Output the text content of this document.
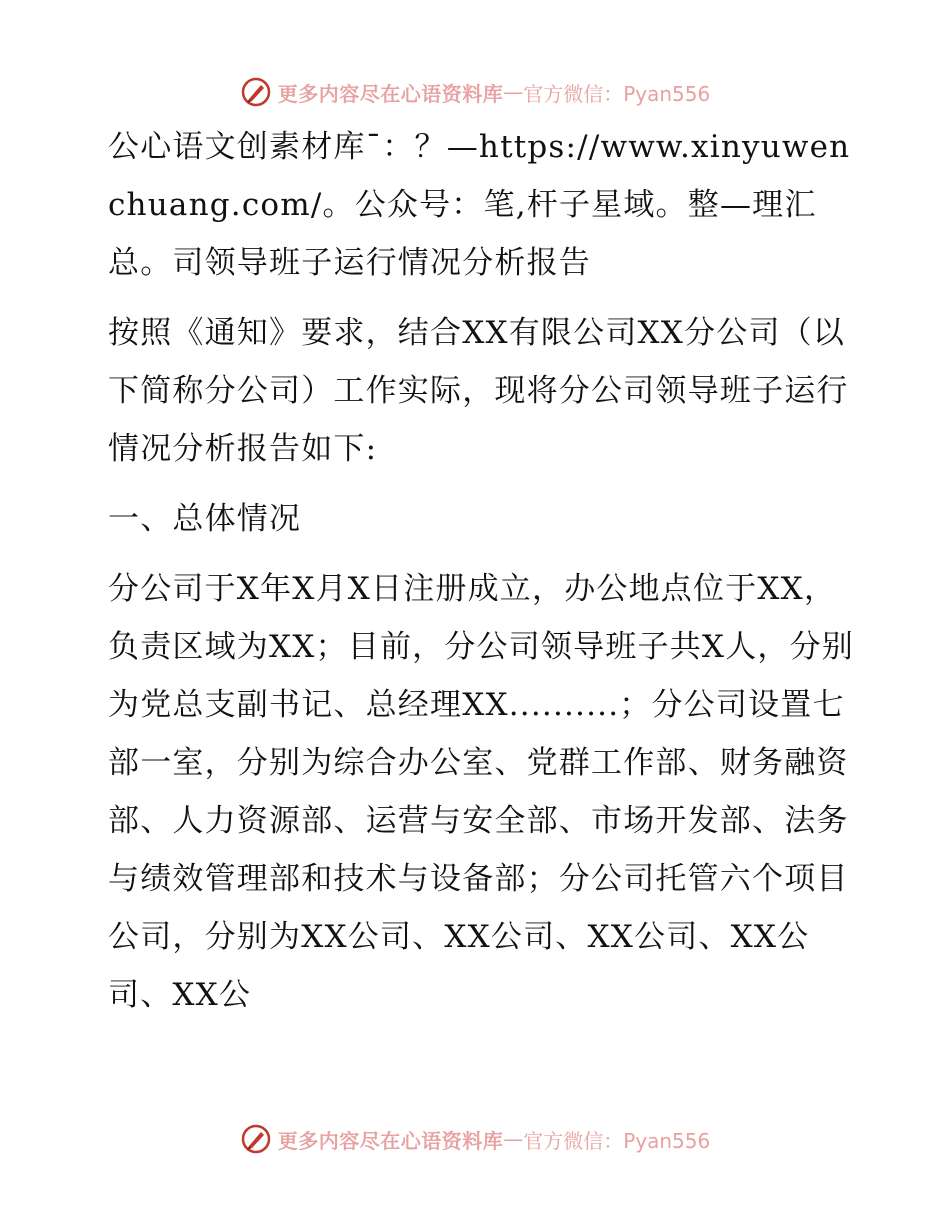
更多内容尽在心语资料库 — 官方微信：Pyan556

公心语文创素材库¯：？—https://www.xinyuwenchuang.com/。公众号：笔,杆子星域。整—理汇总。司领导班子运行情况分析报告

按照《通知》要求，结合XX有限公司XX分公司（以下简称分公司）工作实际，现将分公司领导班子运行情况分析报告如下:

一、总体情况

分公司于X年X月X日注册成立，办公地点位于XX，负责区域为XX；目前，分公司领导班子共X人，分别为党总支副书记、总经理XX..........；分公司设置七部一室，分别为综合办公室、党群工作部、财务融资部、人力资源部、运营与安全部、市场开发部、法务与绩效管理部和技术与设备部；分公司托管六个项目公司，分别为XX公司、XX公司、XX公司、XX公司、XX公

更多内容尽在心语资料库 — 官方微信：Pyan556
